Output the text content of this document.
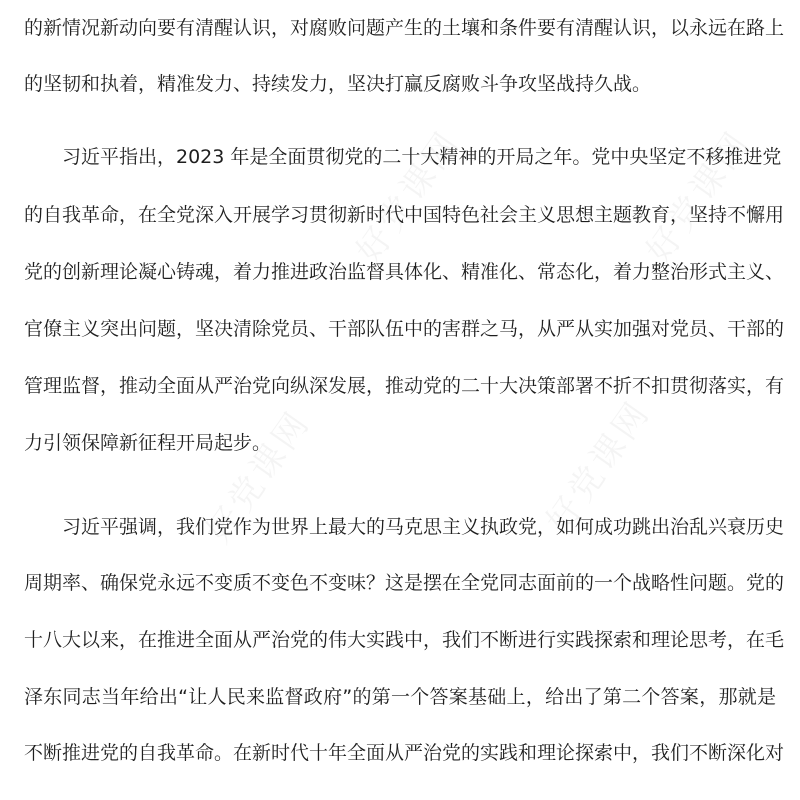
的新情况新动向要有清醒认识，对腐败问题产生的土壤和条件要有清醒认识，以永远在路上
的坚韧和执着，精准发力、持续发力，坚决打赢反腐败斗争攻坚战持久战。
习近平指出，2023 年是全面贯彻党的二十大精神的开局之年。党中央坚定不移推进党
的自我革命，在全党深入开展学习贯彻新时代中国特色社会主义思想主题教育，坚持不懈用
党的创新理论凝心铸魂，着力推进政治监督具体化、精准化、常态化，着力整治形式主义、
官僚主义突出问题，坚决清除党员、干部队伍中的害群之马，从严从实加强对党员、干部的
管理监督，推动全面从严治党向纵深发展，推动党的二十大决策部署不折不扣贯彻落实，有
力引领保障新征程开局起步。
习近平强调，我们党作为世界上最大的马克思主义执政党，如何成功跳出治乱兴衰历史
周期率、确保党永远不变质不变色不变味？这是摆在全党同志面前的一个战略性问题。党的
十八大以来，在推进全面从严治党的伟大实践中，我们不断进行实践探索和理论思考，在毛
泽东同志当年给出“让人民来监督政府”的第一个答案基础上，给出了第二个答案，那就是
不断推进党的自我革命。在新时代十年全面从严治党的实践和理论探索中，我们不断深化对
